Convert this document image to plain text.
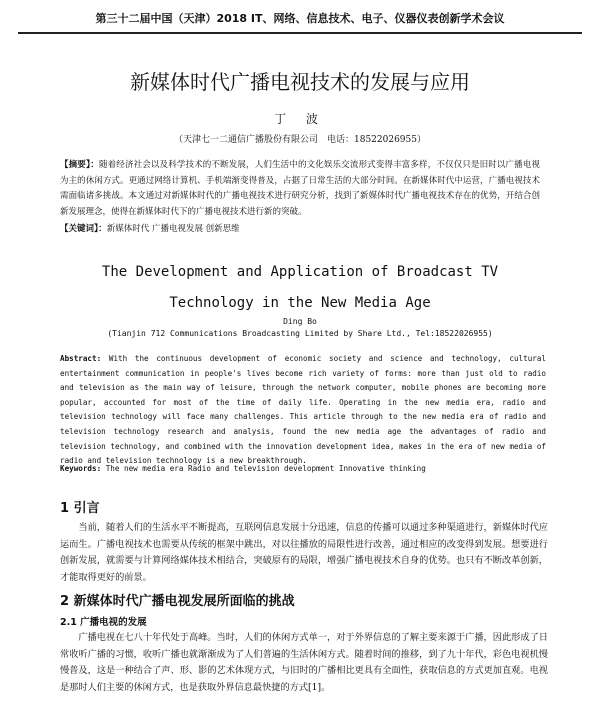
第三十二届中国（天津）2018 IT、网络、信息技术、电子、仪器仪表创新学术会议
新媒体时代广播电视技术的发展与应用
丁 波
（天津七一二通信广播股份有限公司　电话：18522026955）
【摘要】：随着经济社会以及科学技术的不断发展，人们生活中的文化娱乐交流形式变得丰富多样，不仅仅只是旧时以广播电视为主的休闲方式。更通过网络计算机、手机端渐变得普及，占据了日常生活的大部分时间。在新媒体时代中运营，广播电视技术需面临诸多挑战。本文通过对新媒体时代的广播电视技术进行研究分析，找到了新媒体时代广播电视技术存在的优势，开结合创新发展理念，使得在新媒体时代下的广播电视技术进行新的突破。
【关键词】：新媒体时代 广播电视发展 创新思维
The Development and Application of Broadcast TV
Technology in the New Media Age
Ding Bo
(Tianjin 712 Communications Broadcasting Limited by Share Ltd., Tel:18522026955)
Abstract: With the continuous development of economic society and science and technology, cultural entertainment communication in people's lives become rich variety of forms: more than just old to radio and television as the main way of leisure, through the network computer, mobile phones are becoming more popular, accounted for most of the time of daily life. Operating in the new media era, radio and television technology will face many challenges. This article through to the new media era of radio and television technology research and analysis, found the new media age the advantages of radio and television technology, and combined with the innovation development idea, makes in the era of new media of radio and television technology is a new breakthrough.
Keywords: The new media era Radio and television development Innovative thinking
1 引言
当前，随着人们的生活水平不断提高，互联网信息发展十分迅速，信息的传播可以通过多种渠道进行，新媒体时代应运而生。广播电视技术也需要从传统的框架中跳出，对以往播放的局限性进行改善，通过相应的改变得到发展。想要进行创新发展，就需要与计算网络媒体技术相结合，突破原有的局限，增强广播电视技术自身的优势。也只有不断改革创新，才能取得更好的前景。
2 新媒体时代广播电视发展所面临的挑战
2.1 广播电视的发展
广播电视在七八十年代处于高峰。当时，人们的休闲方式单一，对于外界信息的了解主要来源于广播，因此形成了日常收听广播的习惯，收听广播也就渐渐成为了人们普遍的生活休闲方式。随着时间的推移，到了九十年代，彩色电视机慢慢普及，这是一种结合了声、形、影的艺术体现方式，与旧时的广播相比更具有全面性，获取信息的方式更加直观。电视是那时人们主要的休闲方式，也是获取外界信息最快捷的方式[1]。
